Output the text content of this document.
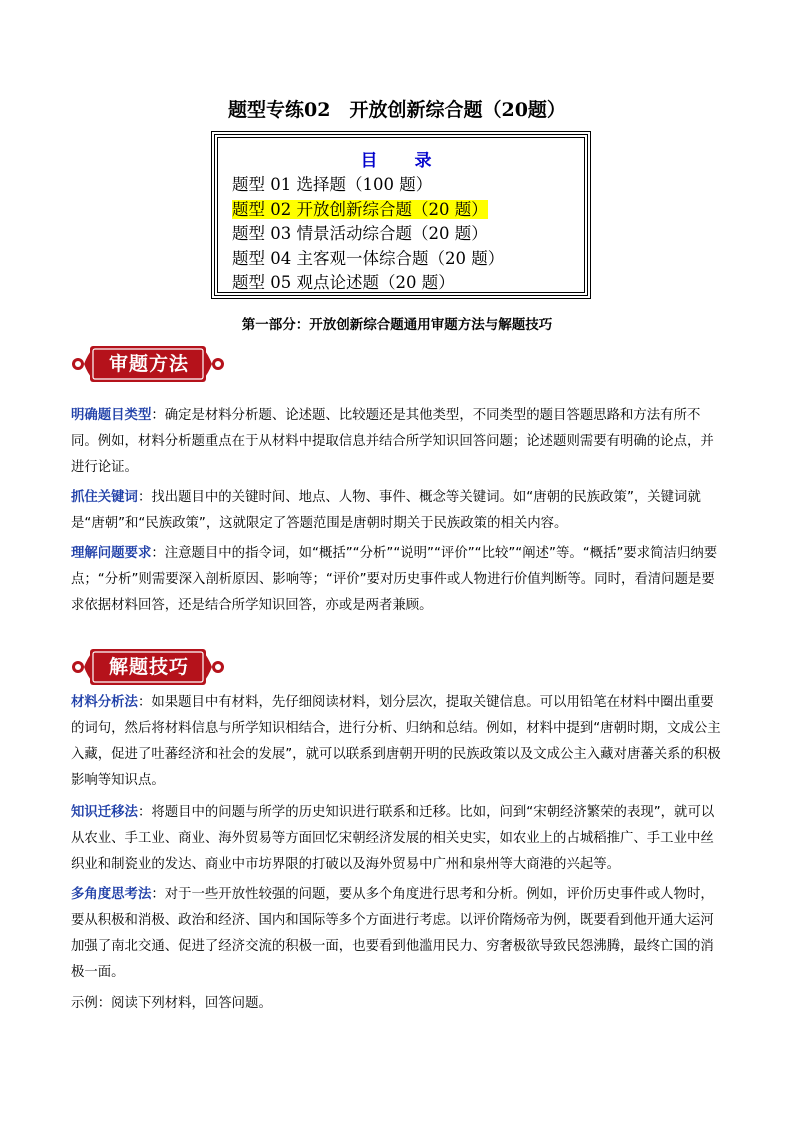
题型专练02　开放创新综合题（20题）
目　录
题型 01 选择题（100 题）
题型 02 开放创新综合题（20 题）
题型 03 情景活动综合题（20 题）
题型 04 主客观一体综合题（20 题）
题型 05 观点论述题（20 题）
第一部分：开放创新综合题通用审题方法与解题技巧
审题方法
明确题目类型：确定是材料分析题、论述题、比较题还是其他类型，不同类型的题目答题思路和方法有所不同。例如，材料分析题重点在于从材料中提取信息并结合所学知识回答问题；论述题则需要有明确的论点，并进行论证。
抓住关键词：找出题目中的关键时间、地点、人物、事件、概念等关键词。如“唐朝的民族政策”，关键词就是“唐朝”和“民族政策”，这就限定了答题范围是唐朝时期关于民族政策的相关内容。
理解问题要求：注意题目中的指令词，如“概括”“分析”“说明”“评价”“比较”“阐述”等。“概括”要求简洁归纳要点；“分析”则需要深入剖析原因、影响等；“评价”要对历史事件或人物进行价值判断等。同时，看清问题是要求依据材料回答，还是结合所学知识回答，亦或是两者兼顾。
解题技巧
材料分析法：如果题目中有材料，先仔细阅读材料，划分层次，提取关键信息。可以用铅笔在材料中圈出重要的词句，然后将材料信息与所学知识相结合，进行分析、归纳和总结。例如，材料中提到“唐朝时期，文成公主入藏，促进了吐蕃经济和社会的发展”，就可以联系到唐朝开明的民族政策以及文成公主入藏对唐蕃关系的积极影响等知识点。
知识迁移法：将题目中的问题与所学的历史知识进行联系和迁移。比如，问到“宋朝经济繁荣的表现”，就可以从农业、手工业、商业、海外贸易等方面回忆宋朝经济发展的相关史实，如农业上的占城稻推广、手工业中丝织业和制瓷业的发达、商业中市坊界限的打破以及海外贸易中广州和泉州等大商港的兴起等。
多角度思考法：对于一些开放性较强的问题，要从多个角度进行思考和分析。例如，评价历史事件或人物时，要从积极和消极、政治和经济、国内和国际等多个方面进行考虑。以评价隋炀帝为例，既要看到他开通大运河加强了南北交通、促进了经济交流的积极一面，也要看到他滥用民力、穷奢极欲导致民怨沸腾，最终亡国的消极一面。
示例：阅读下列材料，回答问题。
